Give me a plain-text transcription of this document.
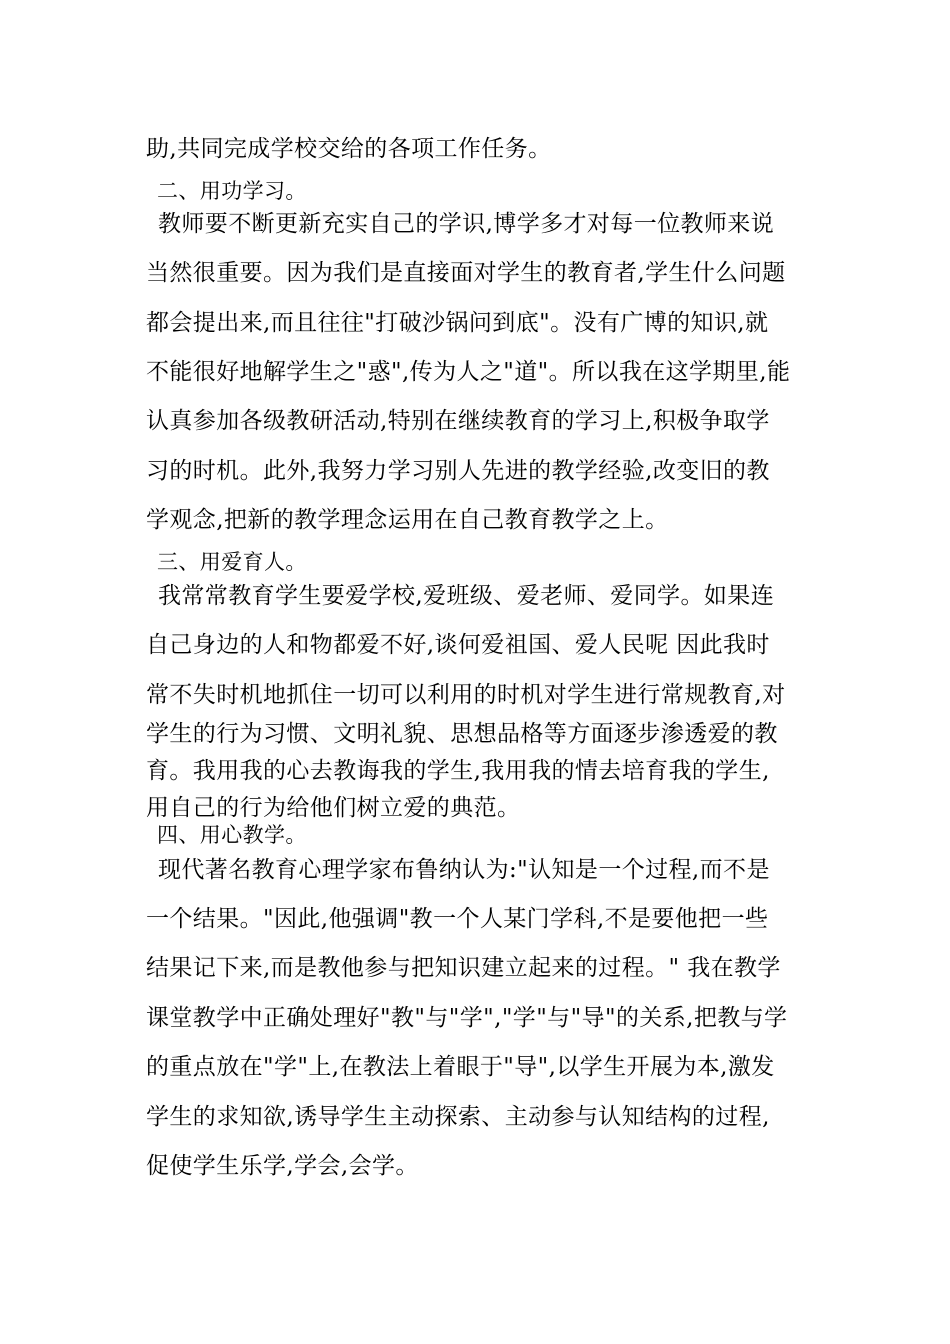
助,共同完成学校交给的各项工作任务。
二、用功学习。
教师要不断更新充实自己的学识,博学多才对每一位教师来说
当然很重要。因为我们是直接面对学生的教育者,学生什么问题
都会提出来,而且往往"打破沙锅问到底"。没有广博的知识,就
不能很好地解学生之"惑",传为人之"道"。所以我在这学期里,能
认真参加各级教研活动,特别在继续教育的学习上,积极争取学
习的时机。此外,我努力学习别人先进的教学经验,改变旧的教
学观念,把新的教学理念运用在自己教育教学之上。
三、用爱育人。
我常常教育学生要爱学校,爱班级、爱老师、爱同学。如果连
自己身边的人和物都爱不好,谈何爱祖国、爱人民呢 因此我时
常不失时机地抓住一切可以利用的时机对学生进行常规教育,对
学生的行为习惯、文明礼貌、思想品格等方面逐步渗透爱的教
育。我用我的心去教诲我的学生,我用我的情去培育我的学生,
用自己的行为给他们树立爱的典范。
四、用心教学。
现代著名教育心理学家布鲁纳认为:"认知是一个过程,而不是
一个结果。"因此,他强调"教一个人某门学科,不是要他把一些
结果记下来,而是教他参与把知识建立起来的过程。" 我在教学
课堂教学中正确处理好"教"与"学","学"与"导"的关系,把教与学
的重点放在"学"上,在教法上着眼于"导",以学生开展为本,激发
学生的求知欲,诱导学生主动探索、主动参与认知结构的过程,
促使学生乐学,学会,会学。
